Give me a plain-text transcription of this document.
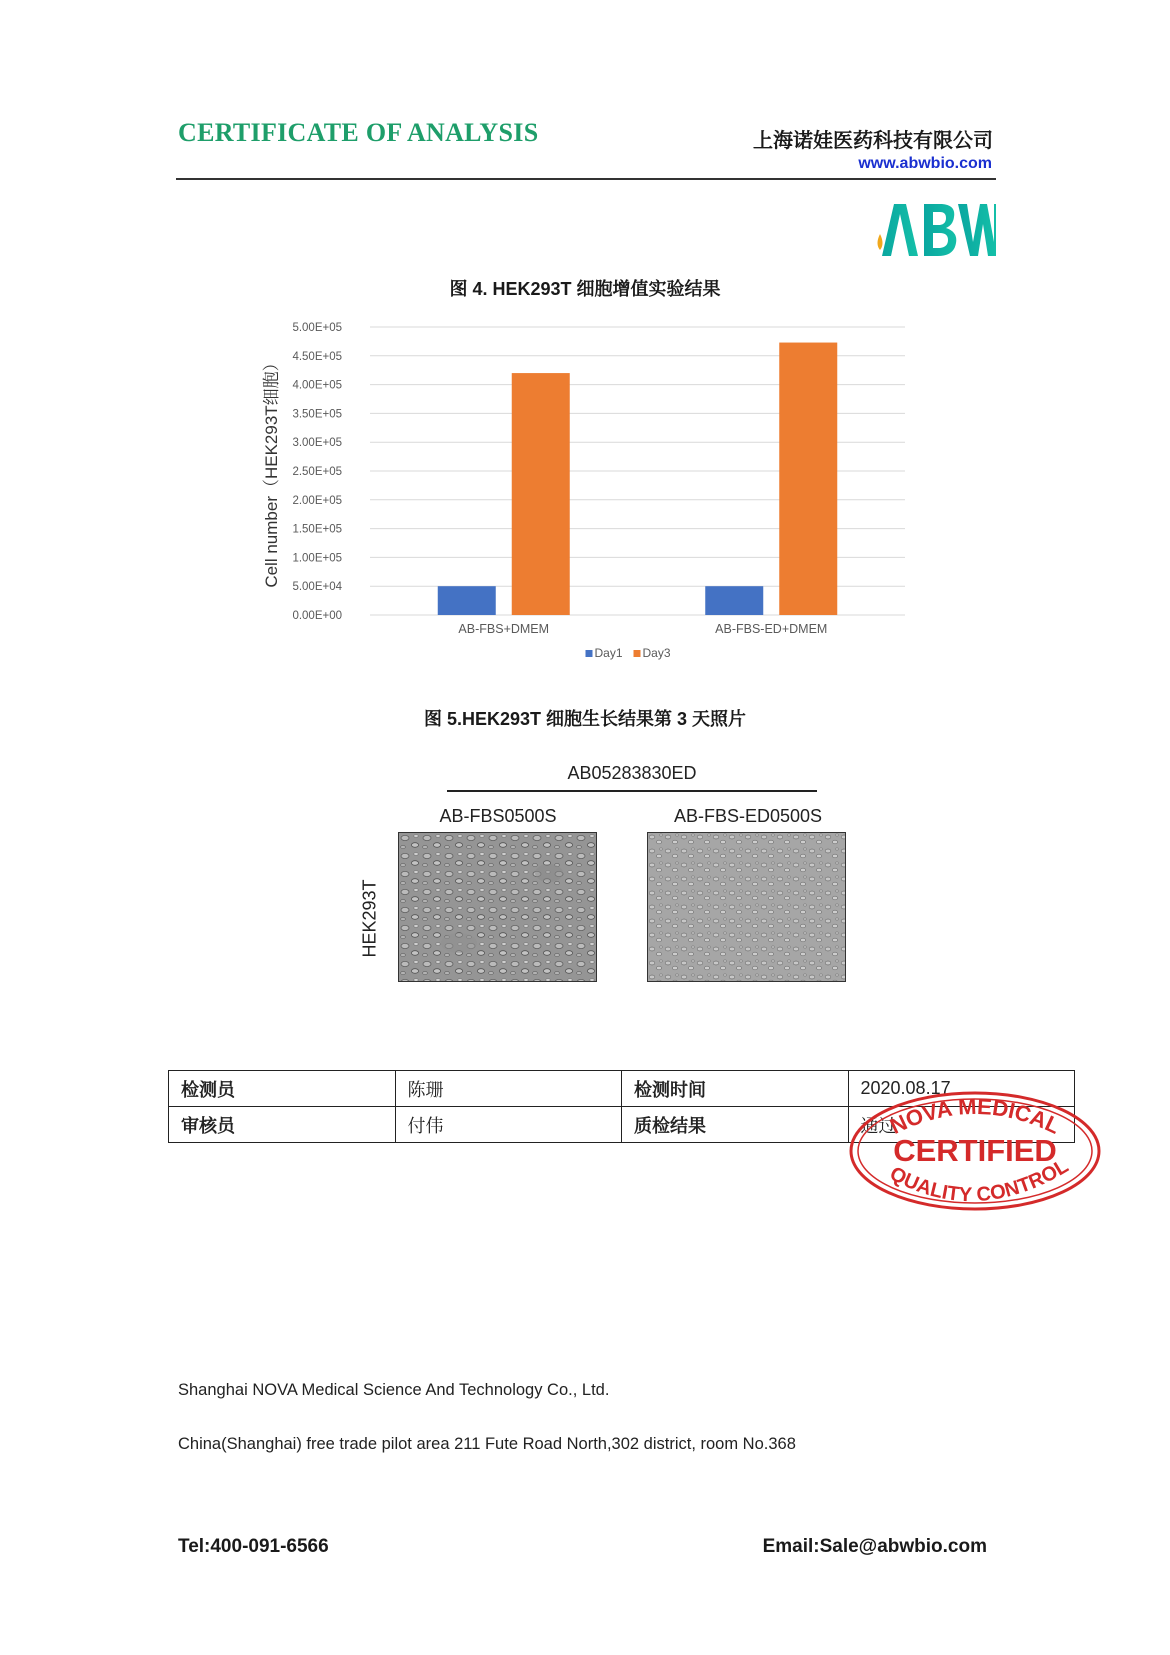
CERTIFICATE OF ANALYSIS	上海诺娃医药科技有限公司
www.abwbio.com
ABW
图 4. HEK293T 细胞增值实验结果
0.00E+00
5.00E+04
1.00E+05
1.50E+05
2.00E+05
2.50E+05
3.00E+05
3.50E+05
4.00E+05
4.50E+05
5.00E+05
Cell number（HEK293T细胞）
AB-FBS+DMEM	AB-FBS-ED+DMEM
Day1 Day3
图 5.HEK293T 细胞生长结果第 3 天照片
AB05283830ED
AB-FBS0500S	AB-FBS-ED0500S
HEK293T
检测员	陈珊	检测时间	2020.08.17
审核员	付伟	质检结果	通过
NOVA MEDICAL
CERTIFIED
QUALITY CONTROL
Shanghai NOVA Medical Science And Technology Co., Ltd.
China(Shanghai) free trade pilot area 211 Fute Road North,302 district, room No.368
Tel:400-091-6566	Email:Sale@abwbio.com
